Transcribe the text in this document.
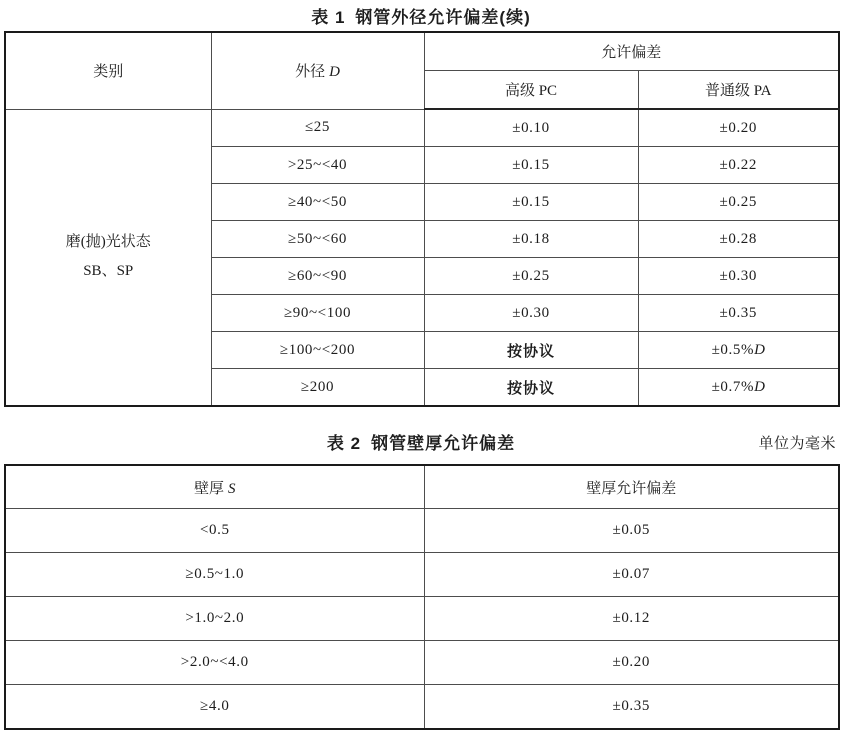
表 1 钢管外径允许偏差(续)
类别	外径 D	允许偏差	
		高级 PC	普通级 PA

磨(抛)光状态
SB、SP	≤25	±0.10	±0.20
	>25~<40	±0.15	±0.22
	≥40~<50	±0.15	±0.25
	≥50~<60	±0.18	±0.28
	≥60~<90	±0.25	±0.30
	≥90~<100	±0.30	±0.35
	≥100~<200	按协议	±0.5%D
	≥200	按协议	±0.7%D
表 2 钢管壁厚允许偏差	单位为毫米
壁厚 S	壁厚允许偏差
<0.5	±0.05
≥0.5~1.0	±0.07
>1.0~2.0	±0.12
>2.0~<4.0	±0.20
≥4.0	±0.35
